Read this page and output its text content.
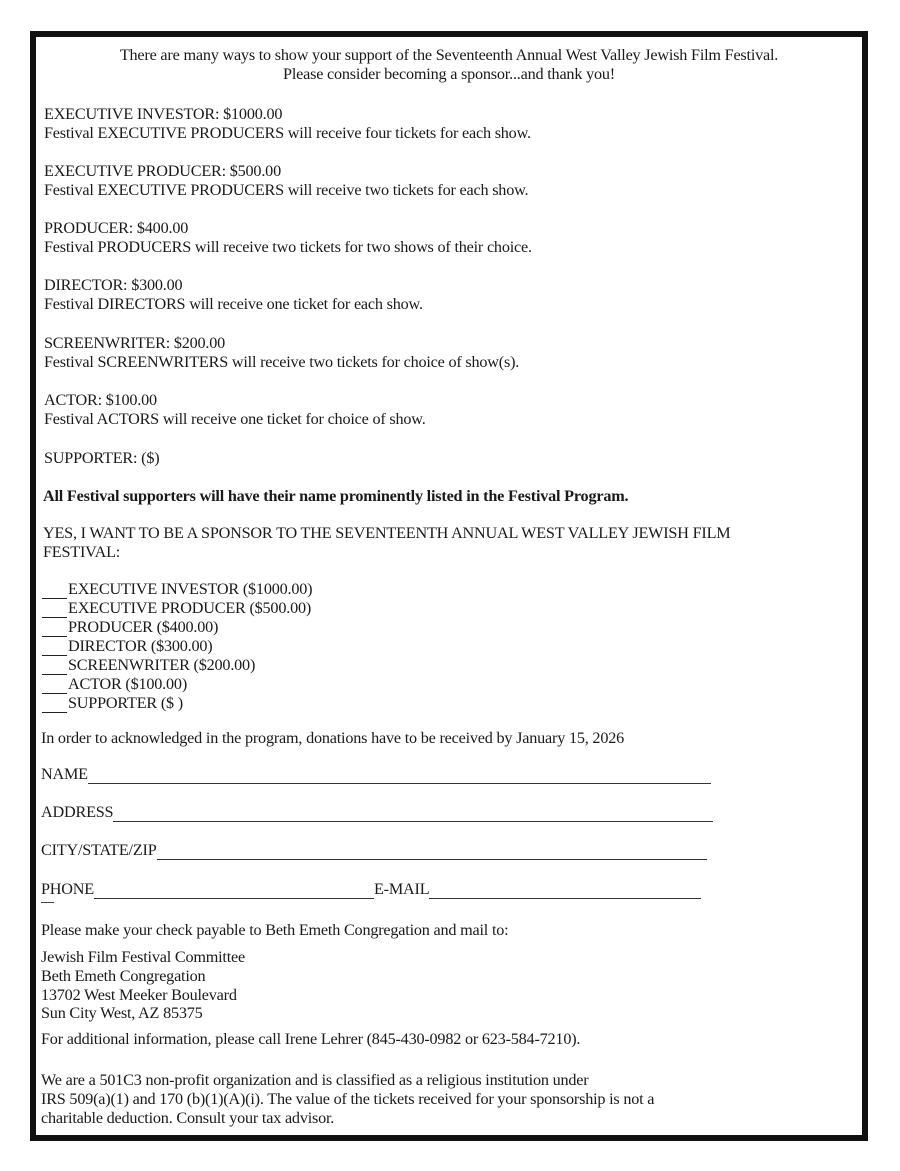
There are many ways to show your support of the Seventeenth Annual West Valley Jewish Film Festival.
Please consider becoming a sponsor...and thank you!
EXECUTIVE INVESTOR: $1000.00
Festival EXECUTIVE PRODUCERS will receive four tickets for each show.
EXECUTIVE PRODUCER: $500.00
Festival EXECUTIVE PRODUCERS will receive two tickets for each show.
PRODUCER: $400.00
Festival PRODUCERS will receive two tickets for two shows of their choice.
DIRECTOR: $300.00
Festival DIRECTORS will receive one ticket for each show.
SCREENWRITER: $200.00
Festival SCREENWRITERS will receive two tickets for choice of show(s).
ACTOR: $100.00
Festival ACTORS will receive one ticket for choice of show.
SUPPORTER: ($)
All Festival supporters will have their name prominently listed in the Festival Program.
YES, I WANT TO BE A SPONSOR TO THE SEVENTEENTH ANNUAL WEST VALLEY JEWISH FILM
FESTIVAL:
EXECUTIVE INVESTOR ($1000.00)
EXECUTIVE PRODUCER ($500.00)
PRODUCER ($400.00)
DIRECTOR ($300.00)
SCREENWRITER ($200.00)
ACTOR ($100.00)
SUPPORTER ($ )
In order to acknowledged in the program, donations have to be received by January 15, 2026
NAME
ADDRESS
CITY/STATE/ZIP
PHONE	E-MAIL
Please make your check payable to Beth Emeth Congregation and mail to:
Jewish Film Festival Committee
Beth Emeth Congregation
13702 West Meeker Boulevard
Sun City West, AZ 85375
For additional information, please call Irene Lehrer (845-430-0982 or 623-584-7210).
We are a 501C3 non-profit organization and is classified as a religious institution under
IRS 509(a)(1) and 170 (b)(1)(A)(i). The value of the tickets received for your sponsorship is not a
charitable deduction. Consult your tax advisor.
